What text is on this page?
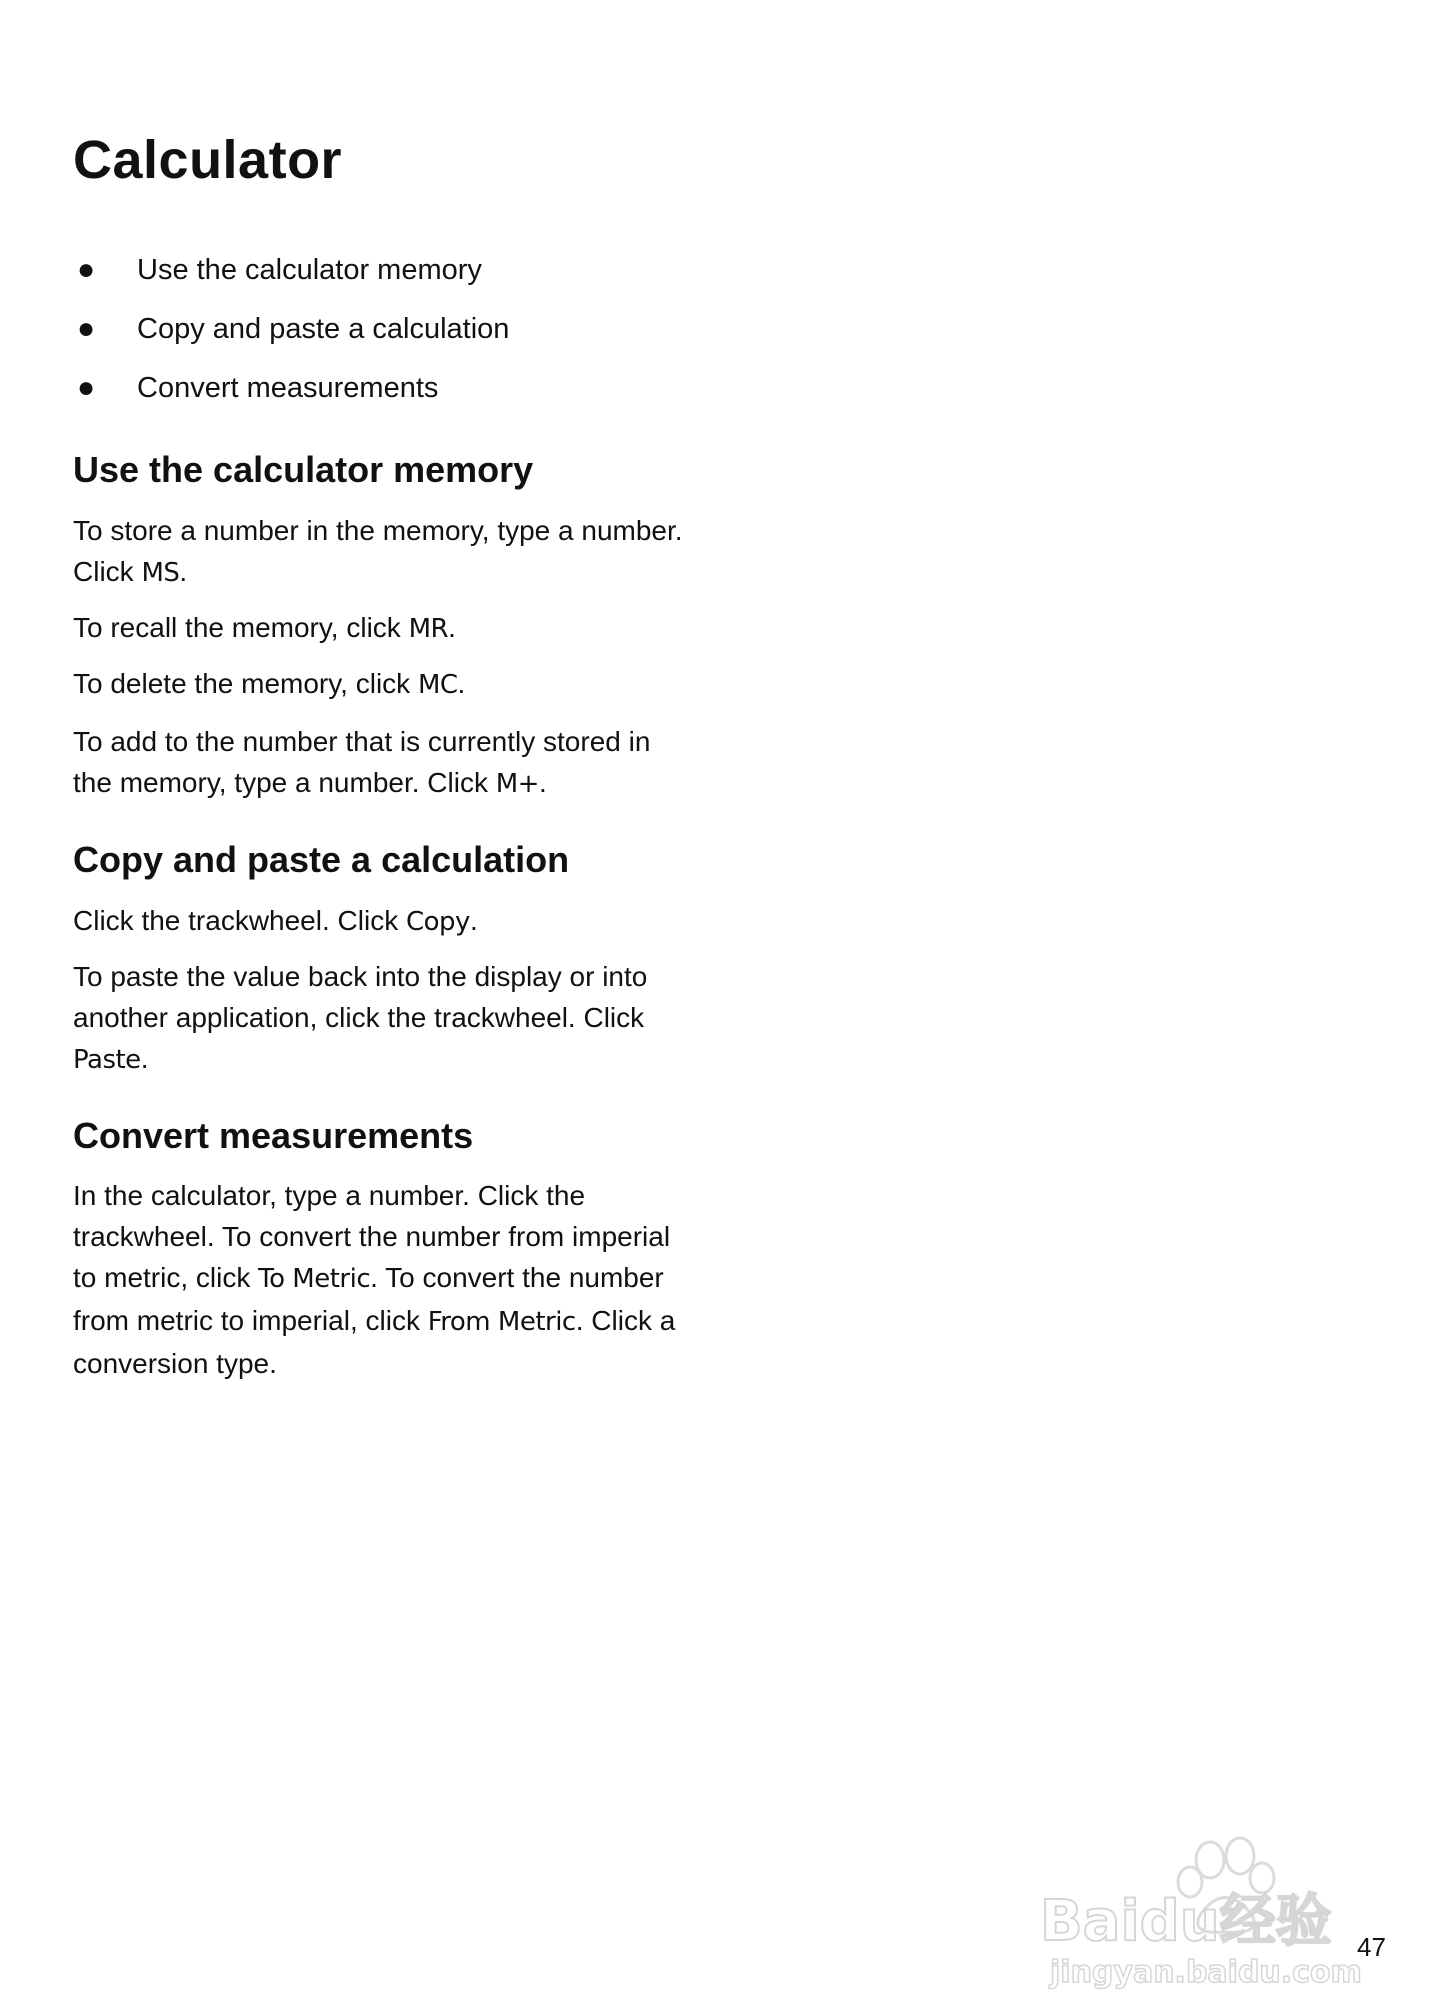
Calculator
● Use the calculator memory
● Copy and paste a calculation
● Convert measurements
Use the calculator memory

To store a number in the memory, type a number. Click MS.

To recall the memory, click MR.

To delete the memory, click MC.

To add to the number that is currently stored in the memory, type a number. Click M+.

Copy and paste a calculation

Click the trackwheel. Click Copy.

To paste the value back into the display or into another application, click the trackwheel. Click Paste.

Convert measurements

In the calculator, type a number. Click the trackwheel. To convert the number from imperial to metric, click To Metric. To convert the number from metric to imperial, click From Metric. Click a conversion type.

Baidu经验
jingyan.baidu.com
47
